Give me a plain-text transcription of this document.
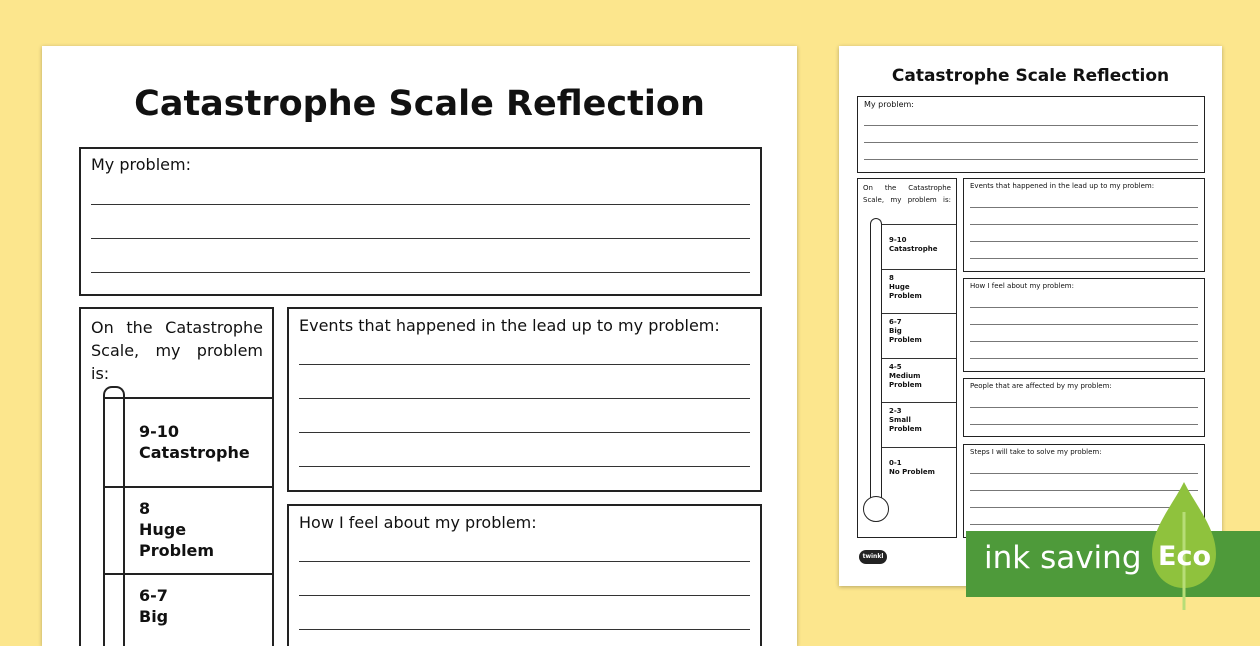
Catastrophe Scale Reflection
My problem:
On the Catastrophe Scale, my problem is:
9-10
Catastrophe
8
Huge
Problem
6-7
Big
Events that happened in the lead up to my problem:
How I feel about my problem:
Catastrophe Scale Reflection
My problem:
On the Catastrophe Scale, my problem is:
9-10
Catastrophe
8
Huge
Problem
6-7
Big
Problem
4-5
Medium
Problem
2-3
Small
Problem
0-1
No Problem
Events that happened in the lead up to my problem:
How I feel about my problem:
People that are affected by my problem:
Steps I will take to solve my problem:
twinkl	ink saving Eco
